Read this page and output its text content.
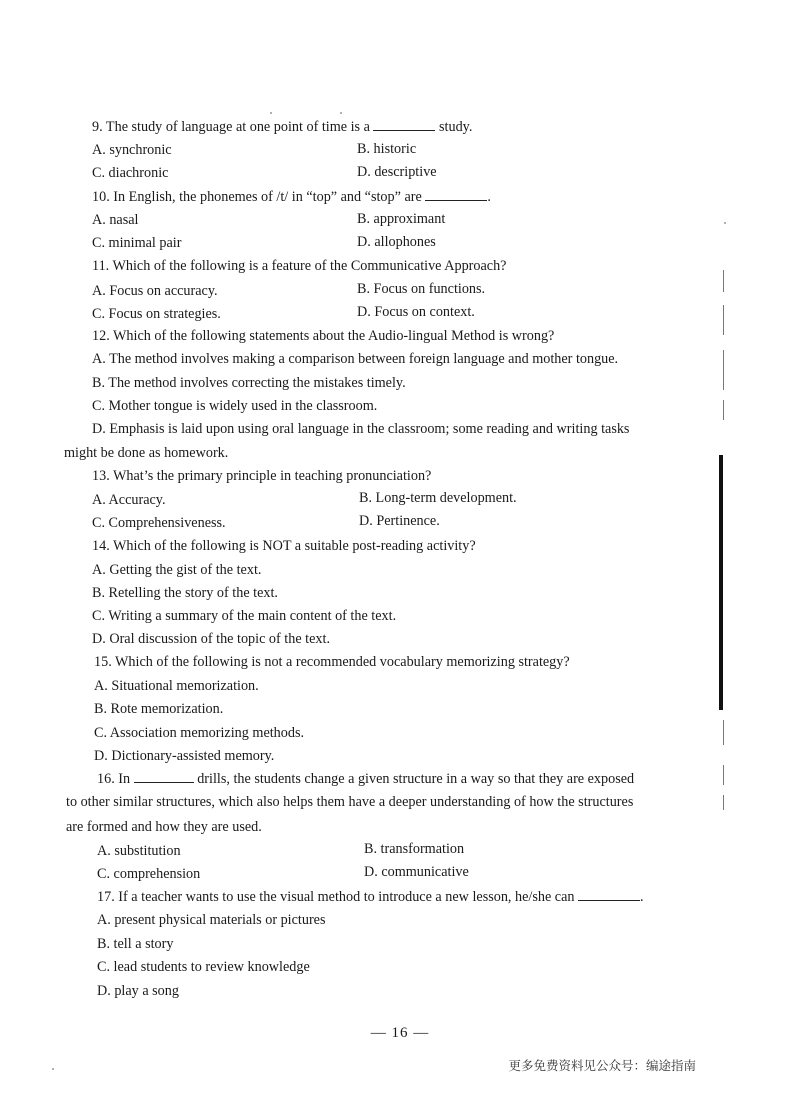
9. The study of language at one point of time is a	study.
A. synchronic	B. historic
C. diachronic	D. descriptive
10. In English, the phonemes of /t/ in “top” and “stop” are	.
A. nasal	B. approximant
C. minimal pair	D. allophones
11. Which of the following is a feature of the Communicative Approach?
A. Focus on accuracy.	B. Focus on functions.
C. Focus on strategies.	D. Focus on context.
12. Which of the following statements about the Audio-lingual Method is wrong?
A. The method involves making a comparison between foreign language and mother tongue.
B. The method involves correcting the mistakes timely.
C. Mother tongue is widely used in the classroom.
D. Emphasis is laid upon using oral language in the classroom; some reading and writing tasks
might be done as homework.
13. What’s the primary principle in teaching pronunciation?
A. Accuracy.	B. Long-term development.
C. Comprehensiveness.	D. Pertinence.
14. Which of the following is NOT a suitable post-reading activity?
A. Getting the gist of the text.
B. Retelling the story of the text.
C. Writing a summary of the main content of the text.
D. Oral discussion of the topic of the text.
15. Which of the following is not a recommended vocabulary memorizing strategy?
A. Situational memorization.
B. Rote memorization.
C. Association memorizing methods.
D. Dictionary-assisted memory.
16. In	drills, the students change a given structure in a way so that they are exposed
to other similar structures, which also helps them have a deeper understanding of how the structures
are formed and how they are used.
A. substitution	B. transformation
C. comprehension	D. communicative
17. If a teacher wants to use the visual method to introduce a new lesson, he/she can	.
A. present physical materials or pictures
B. tell a story
C. lead students to review knowledge
D. play a song
— 16 —
更多免费资料见公众号：编途指南
